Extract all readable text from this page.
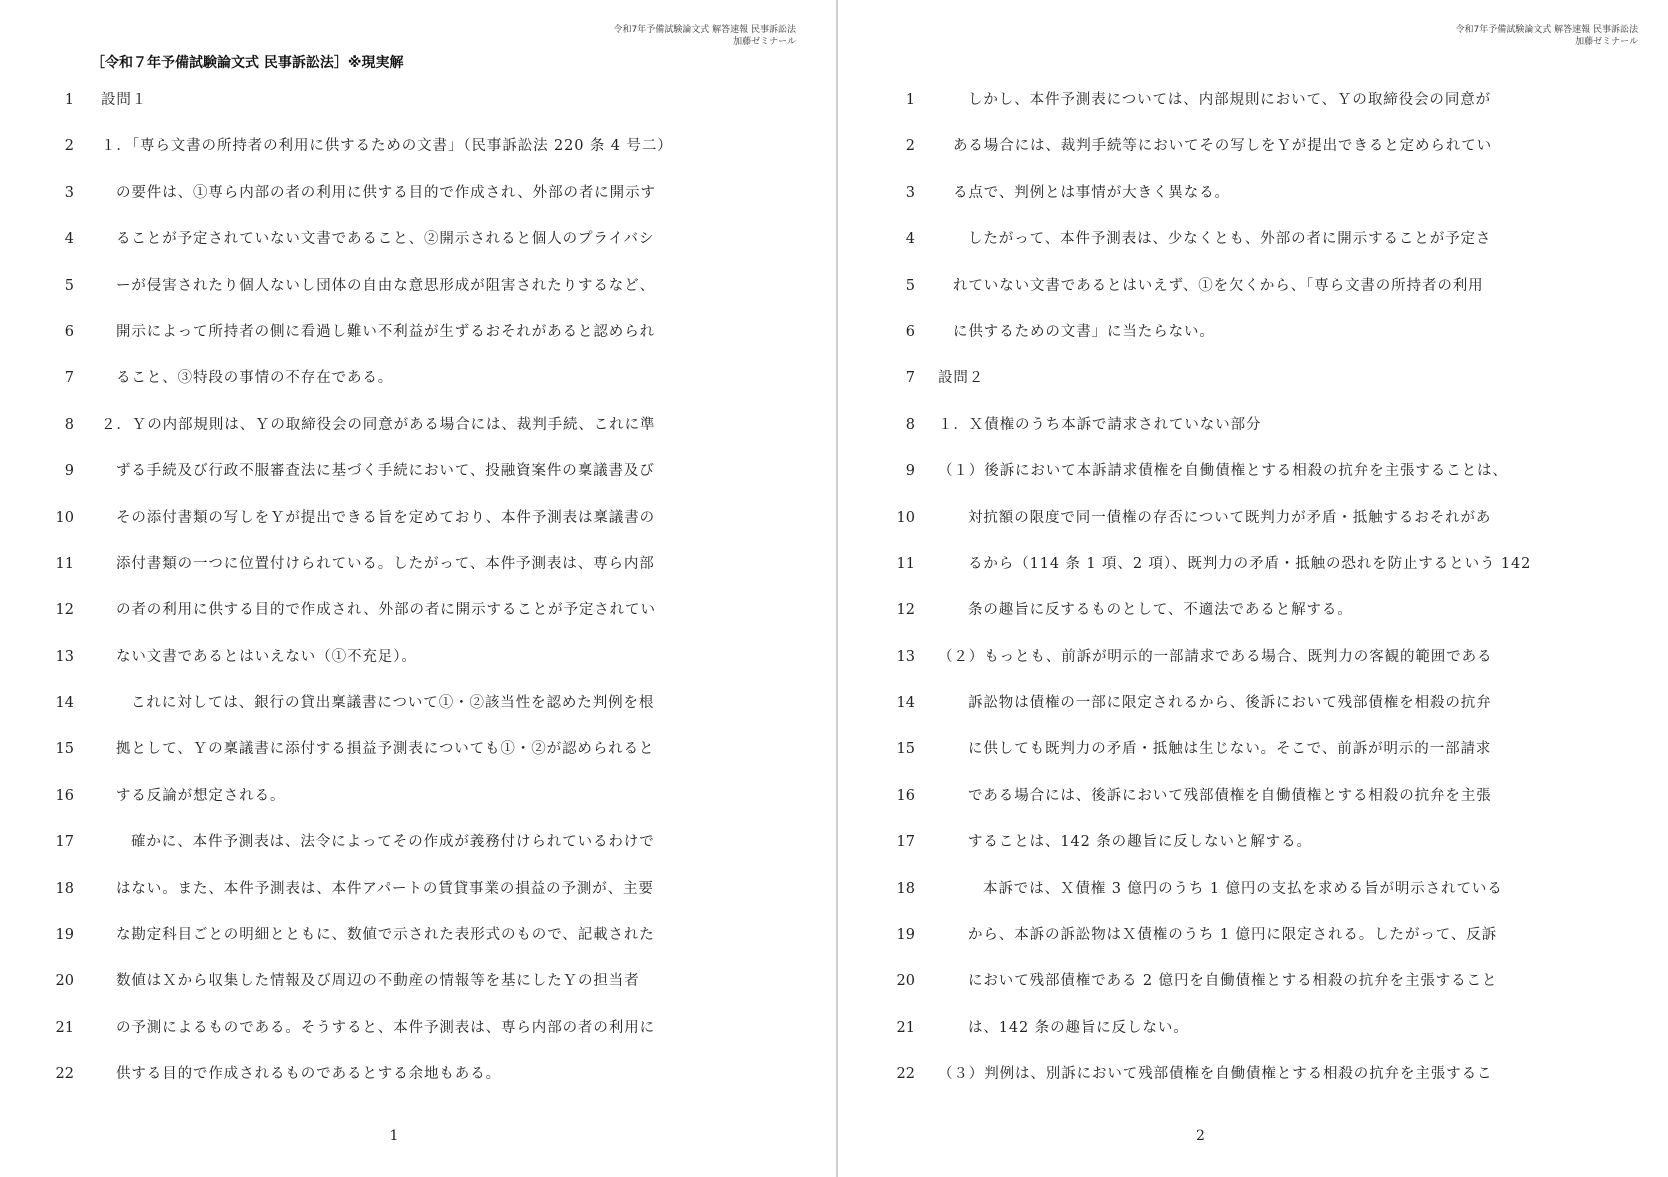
令和7年予備試験論文式 解答速報 民事訴訟法
加藤ゼミナール
［令和７年予備試験論文式 民事訴訟法］※現実解
1 設問１
2 １．「専ら文書の所持者の利用に供するための文書」（民事訴訟法 220 条 4 号二）
3	の要件は、①専ら内部の者の利用に供する目的で作成され、外部の者に開示す
4	ることが予定されていない文書であること、②開示されると個人のプライバシ
5	ーが侵害されたり個人ないし団体の自由な意思形成が阻害されたりするなど、
6	開示によって所持者の側に看過し難い不利益が生ずるおそれがあると認められ
7	ること、③特段の事情の不存在である。
8 ２．Ｙの内部規則は、Ｙの取締役会の同意がある場合には、裁判手続、これに準
9	ずる手続及び行政不服審査法に基づく手続において、投融資案件の稟議書及び
10	その添付書類の写しをＹが提出できる旨を定めており、本件予測表は稟議書の
11	添付書類の一つに位置付けられている。したがって、本件予測表は、専ら内部
12	の者の利用に供する目的で作成され、外部の者に開示することが予定されてい
13	ない文書であるとはいえない（①不充足）。
14	これに対しては、銀行の貸出稟議書について①・②該当性を認めた判例を根
15	拠として、Ｙの稟議書に添付する損益予測表についても①・②が認められると
16	する反論が想定される。
17	確かに、本件予測表は、法令によってその作成が義務付けられているわけで
18	はない。また、本件予測表は、本件アパートの賃貸事業の損益の予測が、主要
19	な勘定科目ごとの明細とともに、数値で示された表形式のもので、記載された
20	数値はＸから収集した情報及び周辺の不動産の情報等を基にしたＹの担当者
21	の予測によるものである。そうすると、本件予測表は、専ら内部の者の利用に
22	供する目的で作成されるものであるとする余地もある。
1
令和7年予備試験論文式 解答速報 民事訴訟法
加藤ゼミナール
1	しかし、本件予測表については、内部規則において、Ｙの取締役会の同意が
2	ある場合には、裁判手続等においてその写しをＹが提出できると定められてい
3	る点で、判例とは事情が大きく異なる。
4	したがって、本件予測表は、少なくとも、外部の者に開示することが予定さ
5	れていない文書であるとはいえず、①を欠くから、「専ら文書の所持者の利用
6	に供するための文書」に当たらない。
7 設問２
8 １．Ｘ債権のうち本訴で請求されていない部分
9 （１）後訴において本訴請求債権を自働債権とする相殺の抗弁を主張することは、
10	対抗額の限度で同一債権の存否について既判力が矛盾・抵触するおそれがあ
11	るから（114 条 1 項、2 項）、既判力の矛盾・抵触の恐れを防止するという 142
12	条の趣旨に反するものとして、不適法であると解する。
13 （２）もっとも、前訴が明示的一部請求である場合、既判力の客観的範囲である
14	訴訟物は債権の一部に限定されるから、後訴において残部債権を相殺の抗弁
15	に供しても既判力の矛盾・抵触は生じない。そこで、前訴が明示的一部請求
16	である場合には、後訴において残部債権を自働債権とする相殺の抗弁を主張
17	することは、142 条の趣旨に反しないと解する。
18	本訴では、Ｘ債権 3 億円のうち 1 億円の支払を求める旨が明示されている
19	から、本訴の訴訟物はＸ債権のうち 1 億円に限定される。したがって、反訴
20	において残部債権である 2 億円を自働債権とする相殺の抗弁を主張すること
21	は、142 条の趣旨に反しない。
22 （３）判例は、別訴において残部債権を自働債権とする相殺の抗弁を主張するこ
2
